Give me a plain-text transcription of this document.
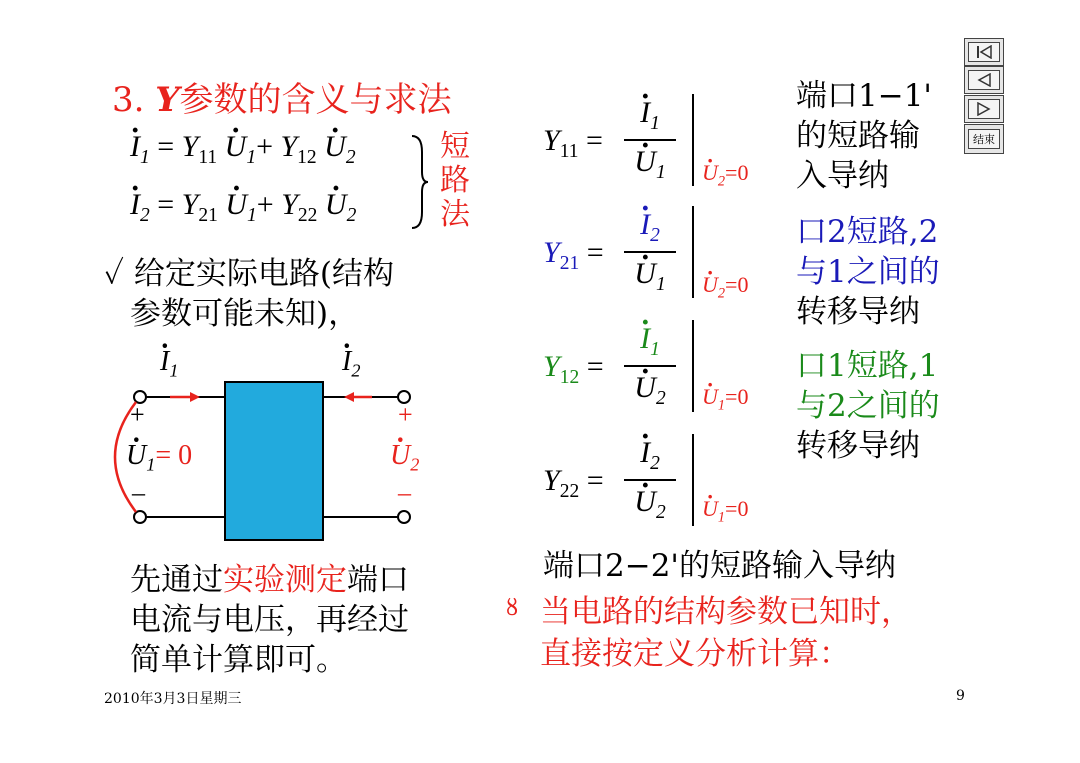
3. Y参数的含义与求法
结束
· $I_1 = Y_{11} \cdot U_1+ Y_{12} \cdot U_2$
· $I_2 = Y_{21} \cdot U_1+ Y_{22} \cdot U_2$
短
路
法
✓ 给定实际电路(结构
参数可能未知)，
· $I_1$	· $I_2$
+
· $U_1= 0$
–
+
· $U_2$
–
先通过实验测定端口
电流与电压，再经过
简单计算即可。
$Y_{11}$ =
· $I_1$
· $U_1$	· $U_2=0$
$Y_{21}$ =
· $I_2$
· $U_1$	· $U_2=0$
$Y_{12}$ =
· $I_1$
· $U_2$	· $U_1=0$
$Y_{22}$ =
· $I_2$
· $U_2$	· $U_1=0$
端口1−1'
的短路输
入导纳
口2短路,2
与1之间的
转移导纳
口1短路,1
与2之间的
转移导纳
端口2−2'的短路输入导纳
ȣ 当电路的结构参数已知时，
直接按定义分析计算：
2010年3月3日星期三	9
